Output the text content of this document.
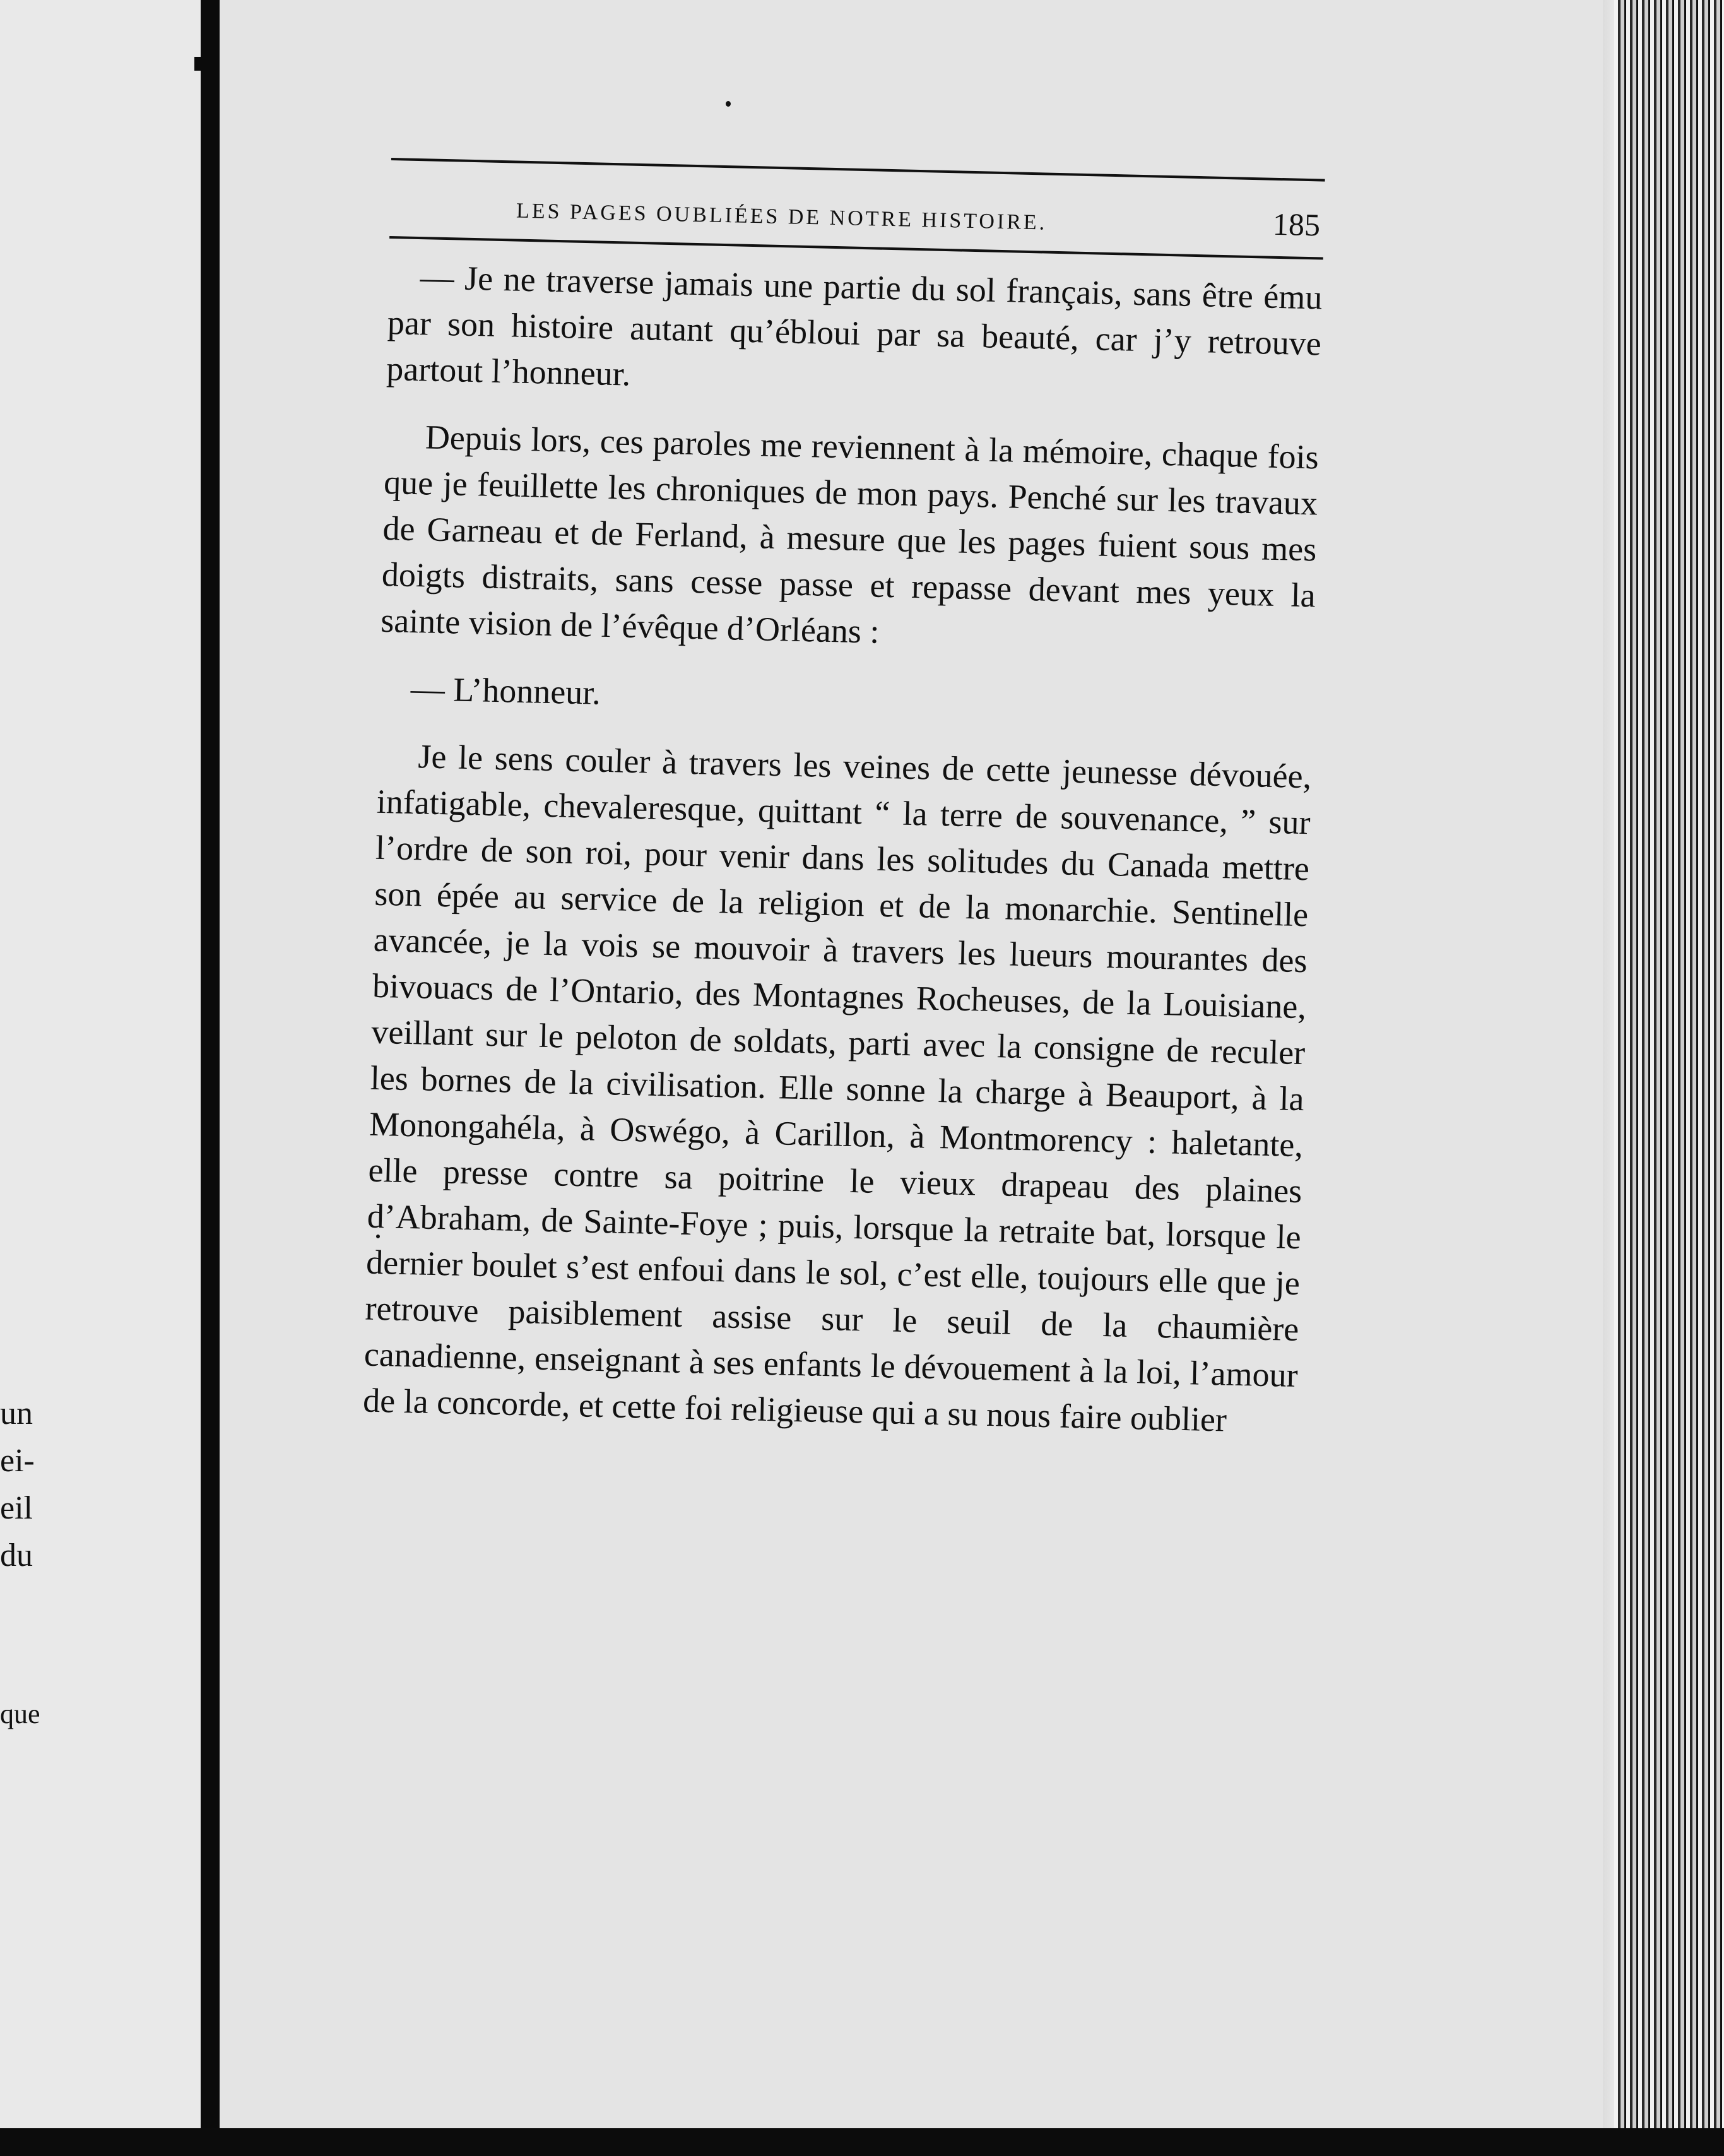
un
ei-
eil
du
que
LES PAGES OUBLIÉES DE NOTRE HISTOIRE.	185

— Je ne traverse jamais une partie du sol français, sans être ému par son histoire autant qu’ébloui par sa beauté, car j’y retrouve partout l’honneur.

Depuis lors, ces paroles me reviennent à la mémoire, chaque fois que je feuillette les chroniques de mon pays. Penché sur les travaux de Garneau et de Ferland, à mesure que les pages fuient sous mes doigts distraits, sans cesse passe et repasse devant mes yeux la sainte vision de l’évêque d’Orléans :

— L’honneur.

Je le sens couler à travers les veines de cette jeunesse dévouée, infatigable, chevaleresque, quittant “ la terre de souvenance, ” sur l’ordre de son roi, pour venir dans les solitudes du Canada mettre son épée au service de la religion et de la monarchie. Sentinelle avancée, je la vois se mouvoir à travers les lueurs mourantes des bivouacs de l’Ontario, des Montagnes Rocheuses, de la Louisiane, veillant sur le peloton de soldats, parti avec la consigne de reculer les bornes de la civilisation. Elle sonne la charge à Beauport, à la Monongahéla, à Oswégo, à Carillon, à Montmorency : haletante, elle presse contre sa poitrine le vieux drapeau des plaines d’Abraham, de Sainte-Foye ; puis, lorsque la retraite bat, lorsque le dernier boulet s’est enfoui dans le sol, c’est elle, toujours elle que je retrouve paisiblement assise sur le seuil de la chaumière canadienne, enseignant à ses enfants le dévouement à la loi, l’amour de la concorde, et cette foi religieuse qui a su nous faire oublier
